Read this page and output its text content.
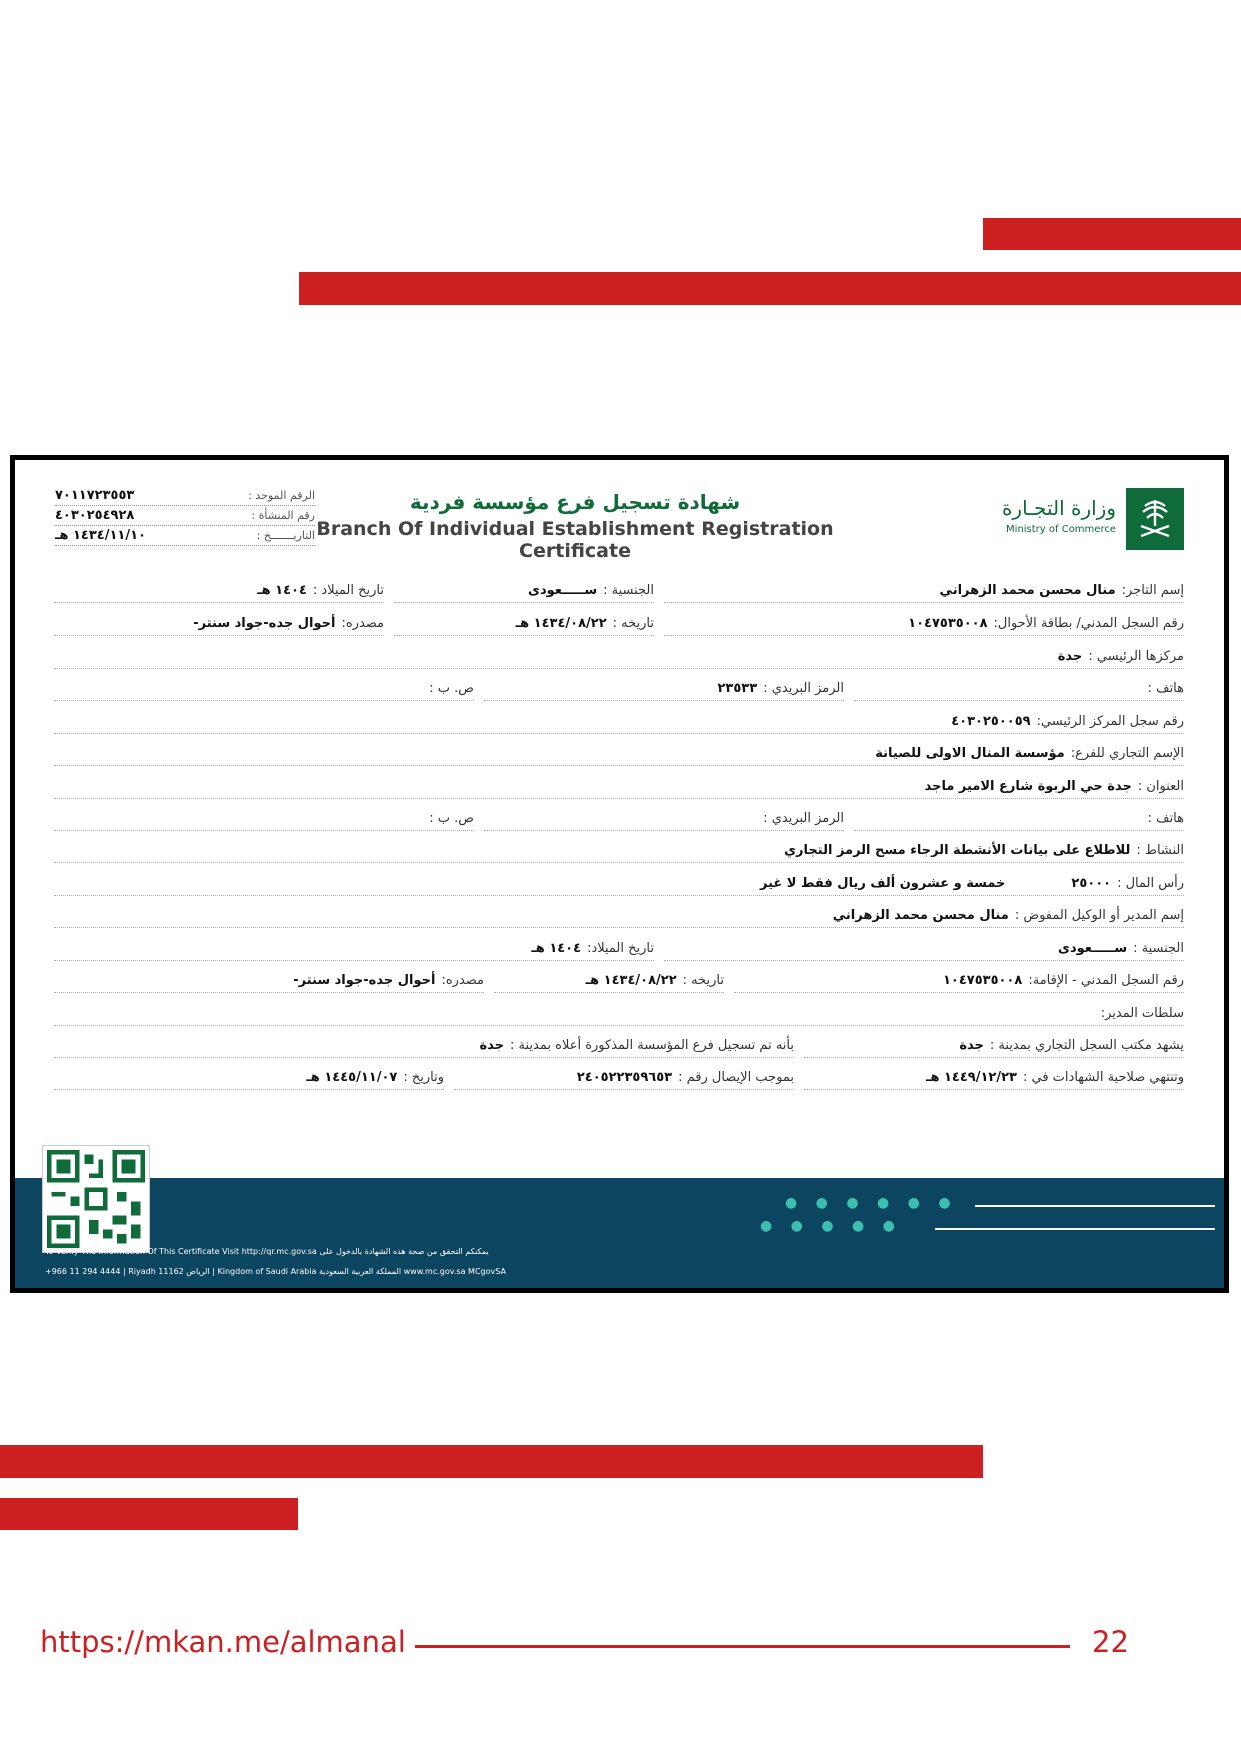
الرقم الموحد :
٧٠١١٧٢٣٥٥٣
رقم المنشأة :
٤٠٣٠٢٥٤٩٢٨
التاريـــــــخ :
١٤٣٤/١١/١٠ هـ
شهادة تسجيل فرع مؤسسة فردية
Branch Of Individual Establishment Registration Certificate
وزارة التجـارة
Ministry of Commerce
إسم التاجر:منال محسن محمد الزهراني
الجنسية :ســـــعودى
تاريخ الميلاد :١٤٠٤ هـ
رقم السجل المدني/ بطاقة الأحوال:١٠٤٧٥٣٥٠٠٨
تاريخه :١٤٣٤/٠٨/٢٢ هـ
مصدره:أحوال جده-جواد سنتر-
مركزها الرئيسي :جدة
هاتف :
الرمز البريدي :٢٣٥٣٣
ص. ب :
رقم سجل المركز الرئيسي:٤٠٣٠٢٥٠٠٥٩
الإسم التجاري للفرع:مؤسسة المنال الاولى للصيانة
العنوان :جدة حي الربوة شارع الامير ماجد
هاتف :
الرمز البريدي :
ص. ب :
النشاط :للاطلاع على بيانات الأنشطة الرجاء مسح الرمز التجاري
رأس المال :٢٥٠٠٠خمسة و عشرون ألف ريال فقط لا غير
إسم المدير أو الوكيل المفوض :منال محسن محمد الزهراني
الجنسية :ســـــعودى
تاريخ الميلاد:١٤٠٤ هـ
رقم السجل المدني - الإقامة:١٠٤٧٥٣٥٠٠٨
تاريخه :١٤٣٤/٠٨/٢٢ هـ
مصدره:أحوال جده-جواد سنتر-
سلطات المدير:
يشهد مكتب السجل التجاري بمدينة :جدة
بأنه تم تسجيل فرع المؤسسة المذكورة أعلاه بمدينة :جدة
وتنتهي صلاحية الشهادات في :١٤٤٩/١٢/٢٣ هـ
بموجب الإيصال رقم :٢٤٠٥٢٢٣٥٩٦٥٣
وتاريخ :١٤٤٥/١١/٠٧ هـ
To Verify The Information Of This Certificate Visit http://qr.mc.gov.sa يمكنكم التحقق من صحة هذه الشهادة بالدخول على
+966 11 294 4444 | Riyadh 11162 الرياض | Kingdom of Saudi Arabia المملكة العربية السعودية www.mc.gov.sa MCgovSA
● ● ● ● ● ●
● ● ● ● ●
https://mkan.me/almanal	22
